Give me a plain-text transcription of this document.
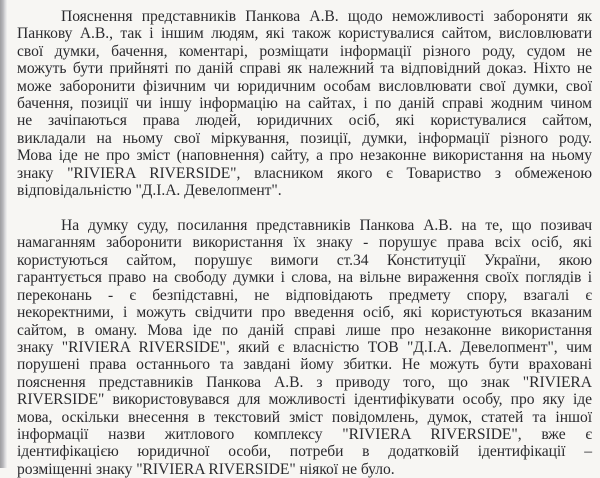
Пояснення представників Панкова А.В. щодо неможливості забороняти як
Панкову А.В., так і іншим людям, які також користувалися сайтом, висловлювати
свої думки, бачення, коментарі, розміщати інформації різного роду, судом не
можуть бути прийняті по даній справі як належний та відповідний доказ. Ніхто не
може заборонити фізичним чи юридичним особам висловлювати свої думки, свої
бачення, позиції чи іншу інформацію на сайтах, і по даній справі жодним чином
не зачіпаються права людей, юридичних осіб, які користувалися сайтом,
викладали на ньому свої міркування, позиції, думки, інформації різного роду.
Мова іде не про зміст (наповнення) сайту, а про незаконне використання на ньому
знаку "RIVIERA RIVERSIDE", власником якого є Товариство з обмеженою
відповідальністю "Д.І.А. Девелопмент".

На думку суду, посилання представників Панкова А.В. на те, що позивач
намаганням заборонити використання їх знаку - порушує права всіх осіб, які
користуються сайтом, порушує вимоги ст.34 Конституції України, якою
гарантується право на свободу думки і слова, на вільне вираження своїх поглядів і
переконань - є безпідставні, не відповідають предмету спору, взагалі є
некоректними, і можуть свідчити про введення осіб, які користуються вказаним
сайтом, в оману. Мова іде по даній справі лише про незаконне використання
знаку "RIVIERA RIVERSIDE", який є власністю ТОВ "Д.І.А. Девелопмент", чим
порушені права останнього та завдані йому збитки. Не можуть бути враховані
пояснення представників Панкова А.В. з приводу того, що знак "RIVIERA
RIVERSIDE" використовувався для можливості ідентифікувати особу, про яку іде
мова, оскільки внесення в текстовий зміст повідомлень, думок, статей та іншої
інформації назви житлового комплексу "RIVIERA RIVERSIDE", вже є
ідентифікацією юридичної особи, потреби в додатковій ідентифікації –
розміщенні знаку "RIVIERA RIVERSIDE" ніякої не було.
